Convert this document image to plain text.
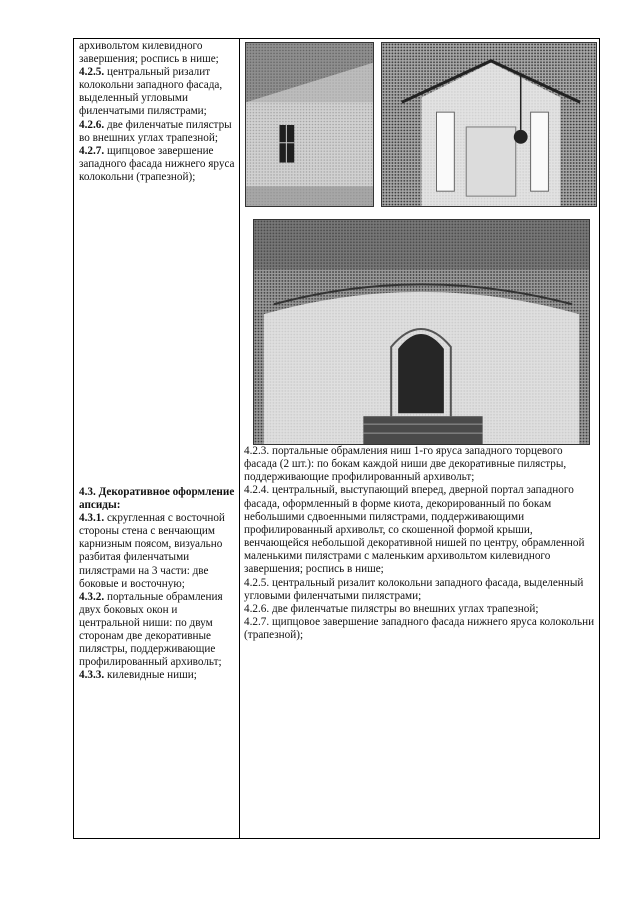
архивольтом килевидного завершения; роспись в нише;

4.2.5. центральный ризалит колокольни западного фасада, выделенный угловыми филенчатыми пилястрами;

4.2.6. две филенчатые пилястры во внешних углах трапезной;

4.2.7. щипцовое завершение западного фасада нижнего яруса колокольни (трапезной);

4.3. Декоративное оформление апсиды:

4.3.1. скругленная с восточной стороны стена с венчающим карнизным поясом, визуально разбитая филенчатыми пилястрами на 3 части: две боковые и восточную;

4.3.2. портальные обрамления двух боковых окон и центральной ниши: по двум сторонам две декоративные пилястры, поддерживающие профилированный архивольт;

4.3.3. килевидные ниши;

4.2.3. портальные обрамления ниш 1-го яруса западного торцевого фасада (2 шт.): по бокам каждой ниши две декоративные пилястры, поддерживающие профилированный архивольт;

4.2.4. центральный, выступающий вперед, дверной портал западного фасада, оформленный в форме киота, декорированный по бокам небольшими сдвоенными пилястрами, поддерживающими профилированный архивольт, со скошенной формой крыши, венчающейся небольшой декоративной нишей по центру, обрамленной маленькими пилястрами с маленьким архивольтом килевидного завершения; роспись в нише;

4.2.5. центральный ризалит колокольни западного фасада, выделенный угловыми филенчатыми пилястрами;

4.2.6. две филенчатые пилястры во внешних углах трапезной;

4.2.7. щипцовое завершение западного фасада нижнего яруса колокольни (трапезной);
